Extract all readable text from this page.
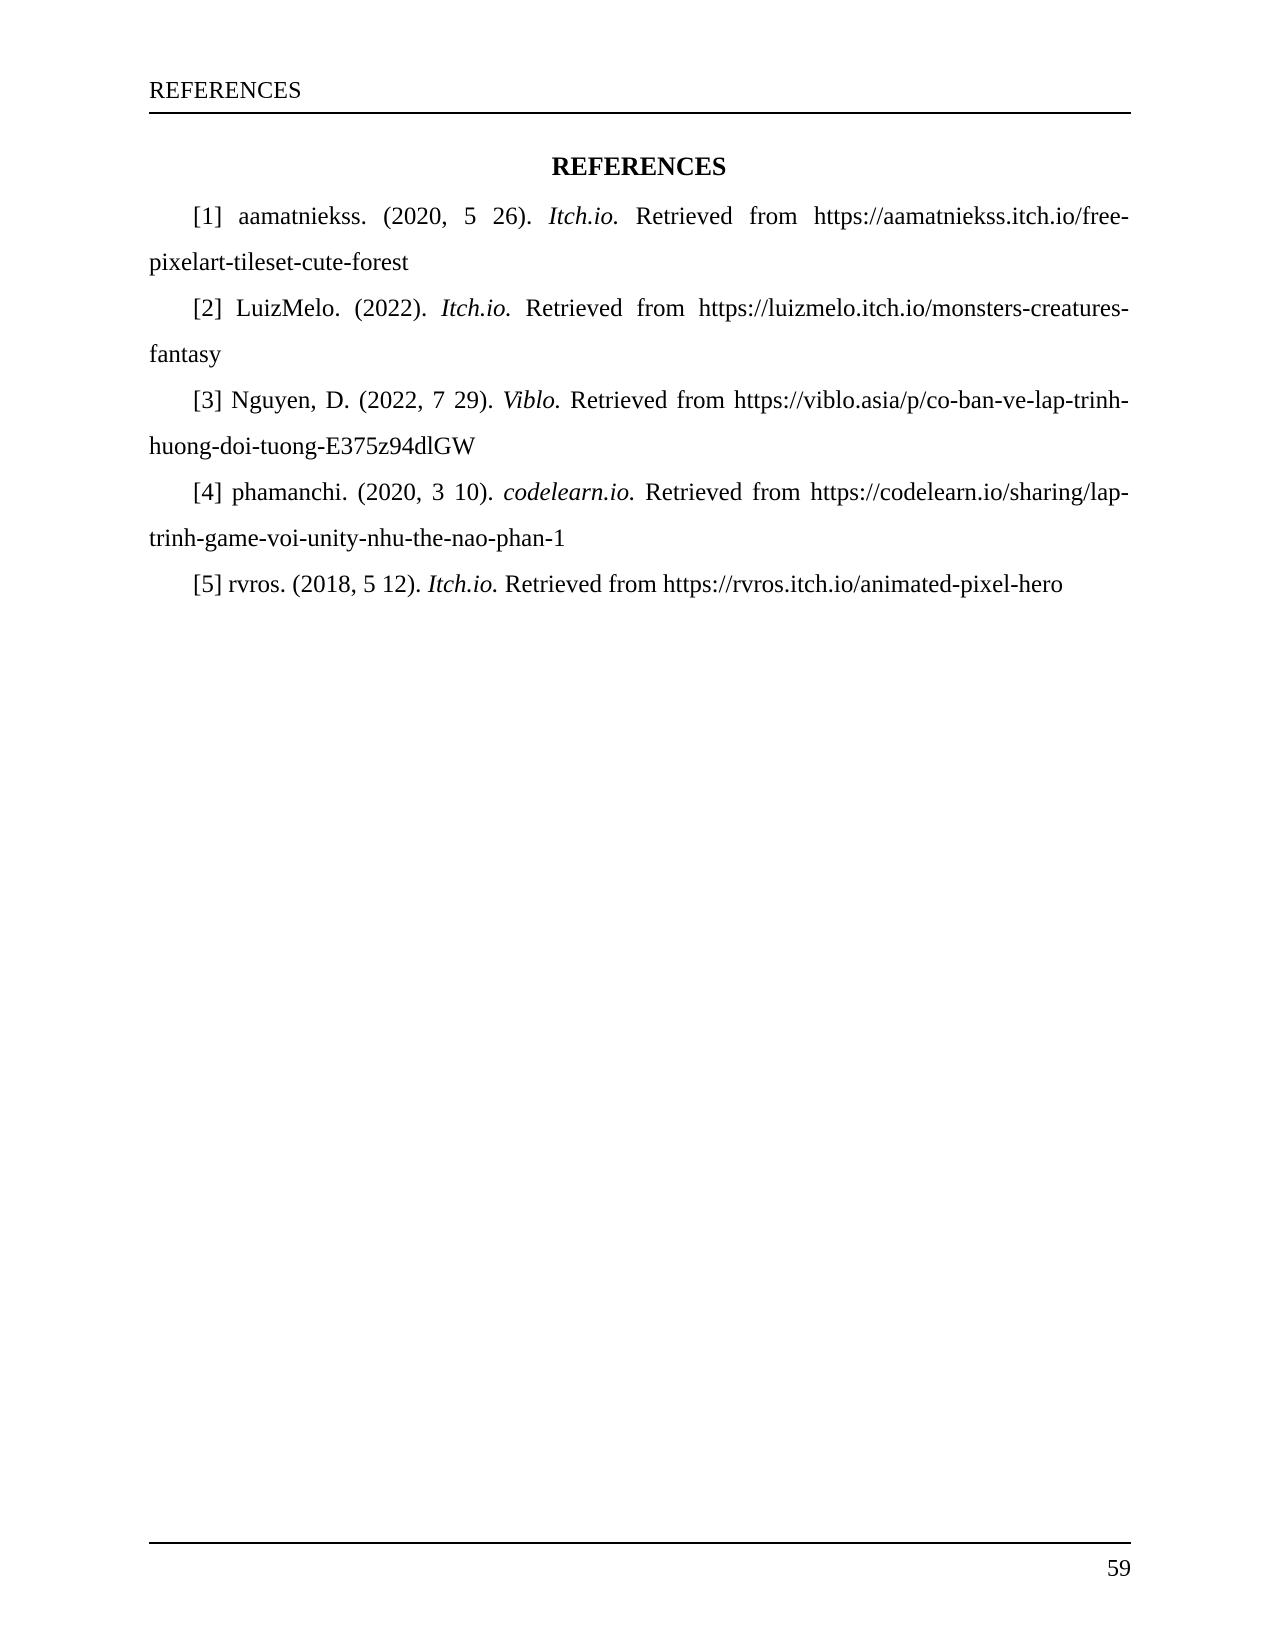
REFERENCES
REFERENCES

[1] aamatniekss. (2020, 5 26). Itch.io. Retrieved from https://aamatniekss.itch.io/free-pixelart-tileset-cute-forest

[2] LuizMelo. (2022). Itch.io. Retrieved from https://luizmelo.itch.io/monsters-creatures-fantasy

[3] Nguyen, D. (2022, 7 29). Viblo. Retrieved from https://viblo.asia/p/co-ban-ve-lap-trinh-huong-doi-tuong-E375z94dlGW

[4] phamanchi. (2020, 3 10). codelearn.io. Retrieved from https://codelearn.io/sharing/lap-trinh-game-voi-unity-nhu-the-nao-phan-1

[5] rvros. (2018, 5 12). Itch.io. Retrieved from https://rvros.itch.io/animated-pixel-hero

59
